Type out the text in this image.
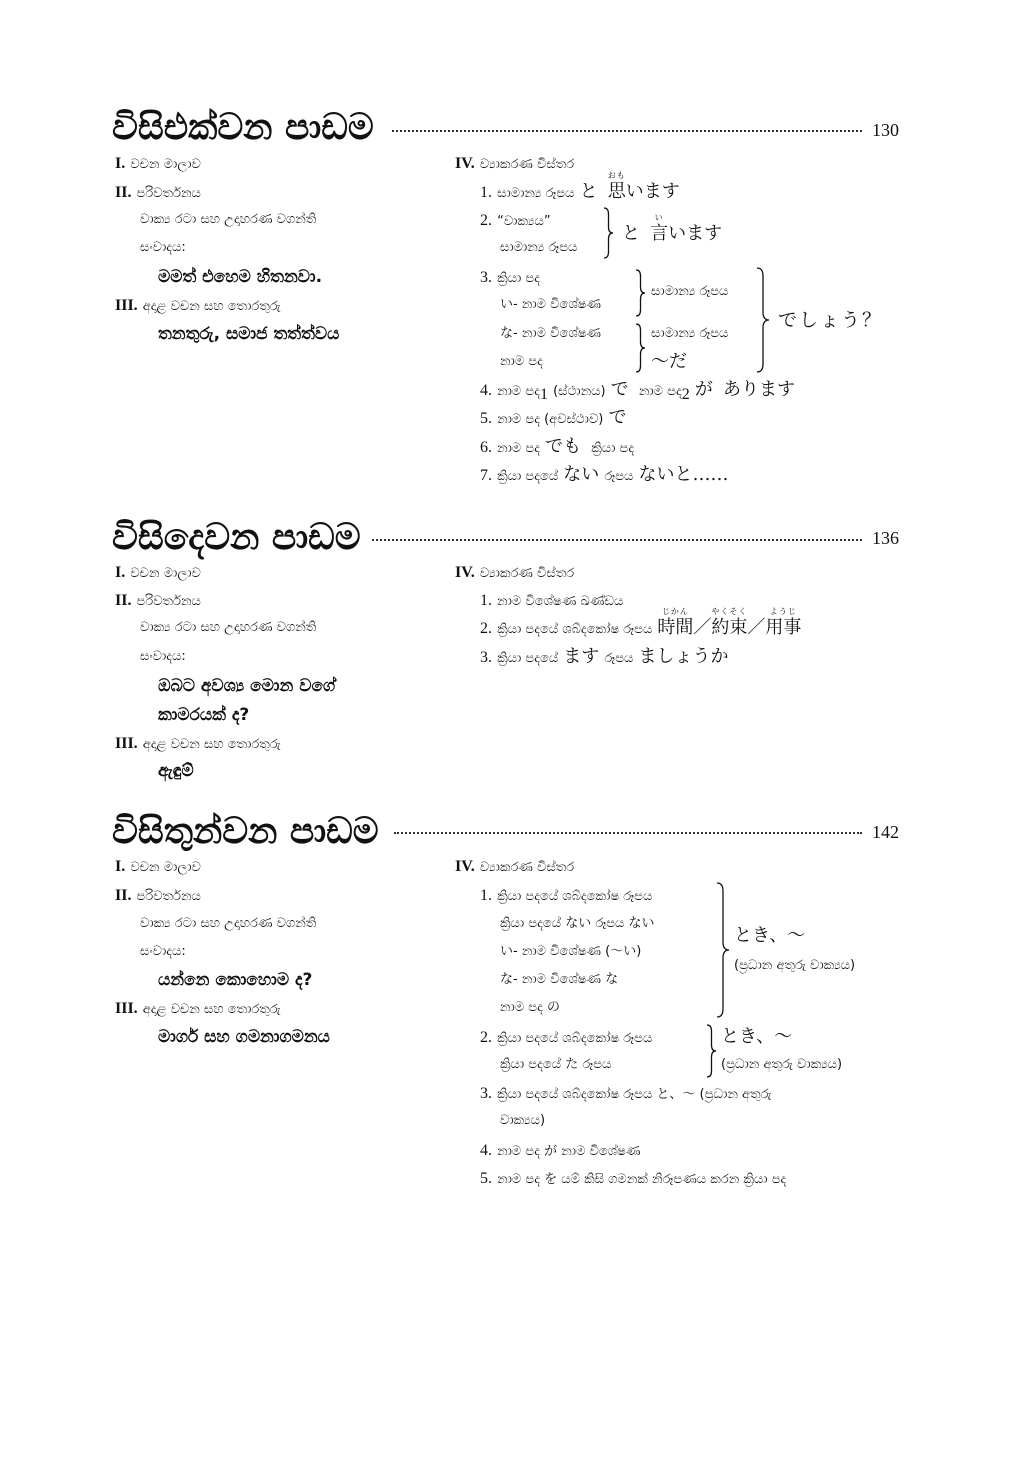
විසිඑක්වන පාඩම	130
I. වචන මාලාව
II. පරිවර්තනය
වාක්‍ය රටා සහ උදාහරණ වගන්ති
සංවාදය:
මමත් එහෙම හිතනවා.
III. අදාළ වචන සහ තොරතුරු
තනතුරු, සමාජ තත්ත්වය
IV. ව්‍යාකරණ විස්තර
1. සාමාන්‍ය රූපය と 思
おも
います
2. “වාක්‍යය”
සාමාන්‍ය රූපය
と 言
い
います
3. ක්‍රියා පද
い- නාම විශේෂණ
な- නාම විශේෂණ
නාම පද
සාමාන්‍ය රූපය
සාමාන්‍ය රූපය
～だ
でしょう？
4. නාම පද$_1$ (ස්ථානය) で නාම පද$_2$ が あります
5. නාම පද (අවස්ථාව) で
6. නාම පද でも ක්‍රියා පද
7. ක්‍රියා පදයේ ない රූපය ないと……
විසිදෙවන පාඩම	136
I. වචන මාලාව
II. පරිවර්තනය
වාක්‍ය රටා සහ උදාහරණ වගන්ති
සංවාදය:
ඔබට අවශ්‍ය මොන වගේ
කාමරයක් ද?
III. අදාළ වචන සහ තොරතුරු
ඇඳුම්
IV. ව්‍යාකරණ විස්තර
1. නාම විශේෂණ ඛණ්ඩය
2. ක්‍රියා පදයේ ශබ්දකෝෂ රූපය 時間
じかん
／約束
やくそく
／用事
ようじ
3. ක්‍රියා පදයේ ます රූපය ましょうか
විසිතුන්වන පාඩම	142
I. වචන මාලාව
II. පරිවර්තනය
වාක්‍ය රටා සහ උදාහරණ වගන්ති
සංවාදය:
යන්නෙ කොහොම ද?
III. අදාළ වචන සහ තොරතුරු
මාර්ග සහ ගමනාගමනය
IV. ව්‍යාකරණ විස්තර
1. ක්‍රියා පදයේ ශබ්දකෝෂ රූපය
ක්‍රියා පදයේ ない රූපය ない
い- නාම විශේෂණ (～い)
な- නාම විශේෂණ な
නාම පද の
とき、～
(ප්‍රධාන අතුරු වාක්‍යය)
2. ක්‍රියා පදයේ ශබ්දකෝෂ රූපය
ක්‍රියා පදයේ た රූපය
とき、～
(ප්‍රධාන අතුරු වාක්‍යය)
3. ක්‍රියා පදයේ ශබ්දකෝෂ රූපය と、～ (ප්‍රධාන අතුරු
වාක්‍යය)
4. නාම පද が නාම විශේෂණ
5. නාම පද を යම් කිසි ගමනක් නිරූපණය කරන ක්‍රියා පද
